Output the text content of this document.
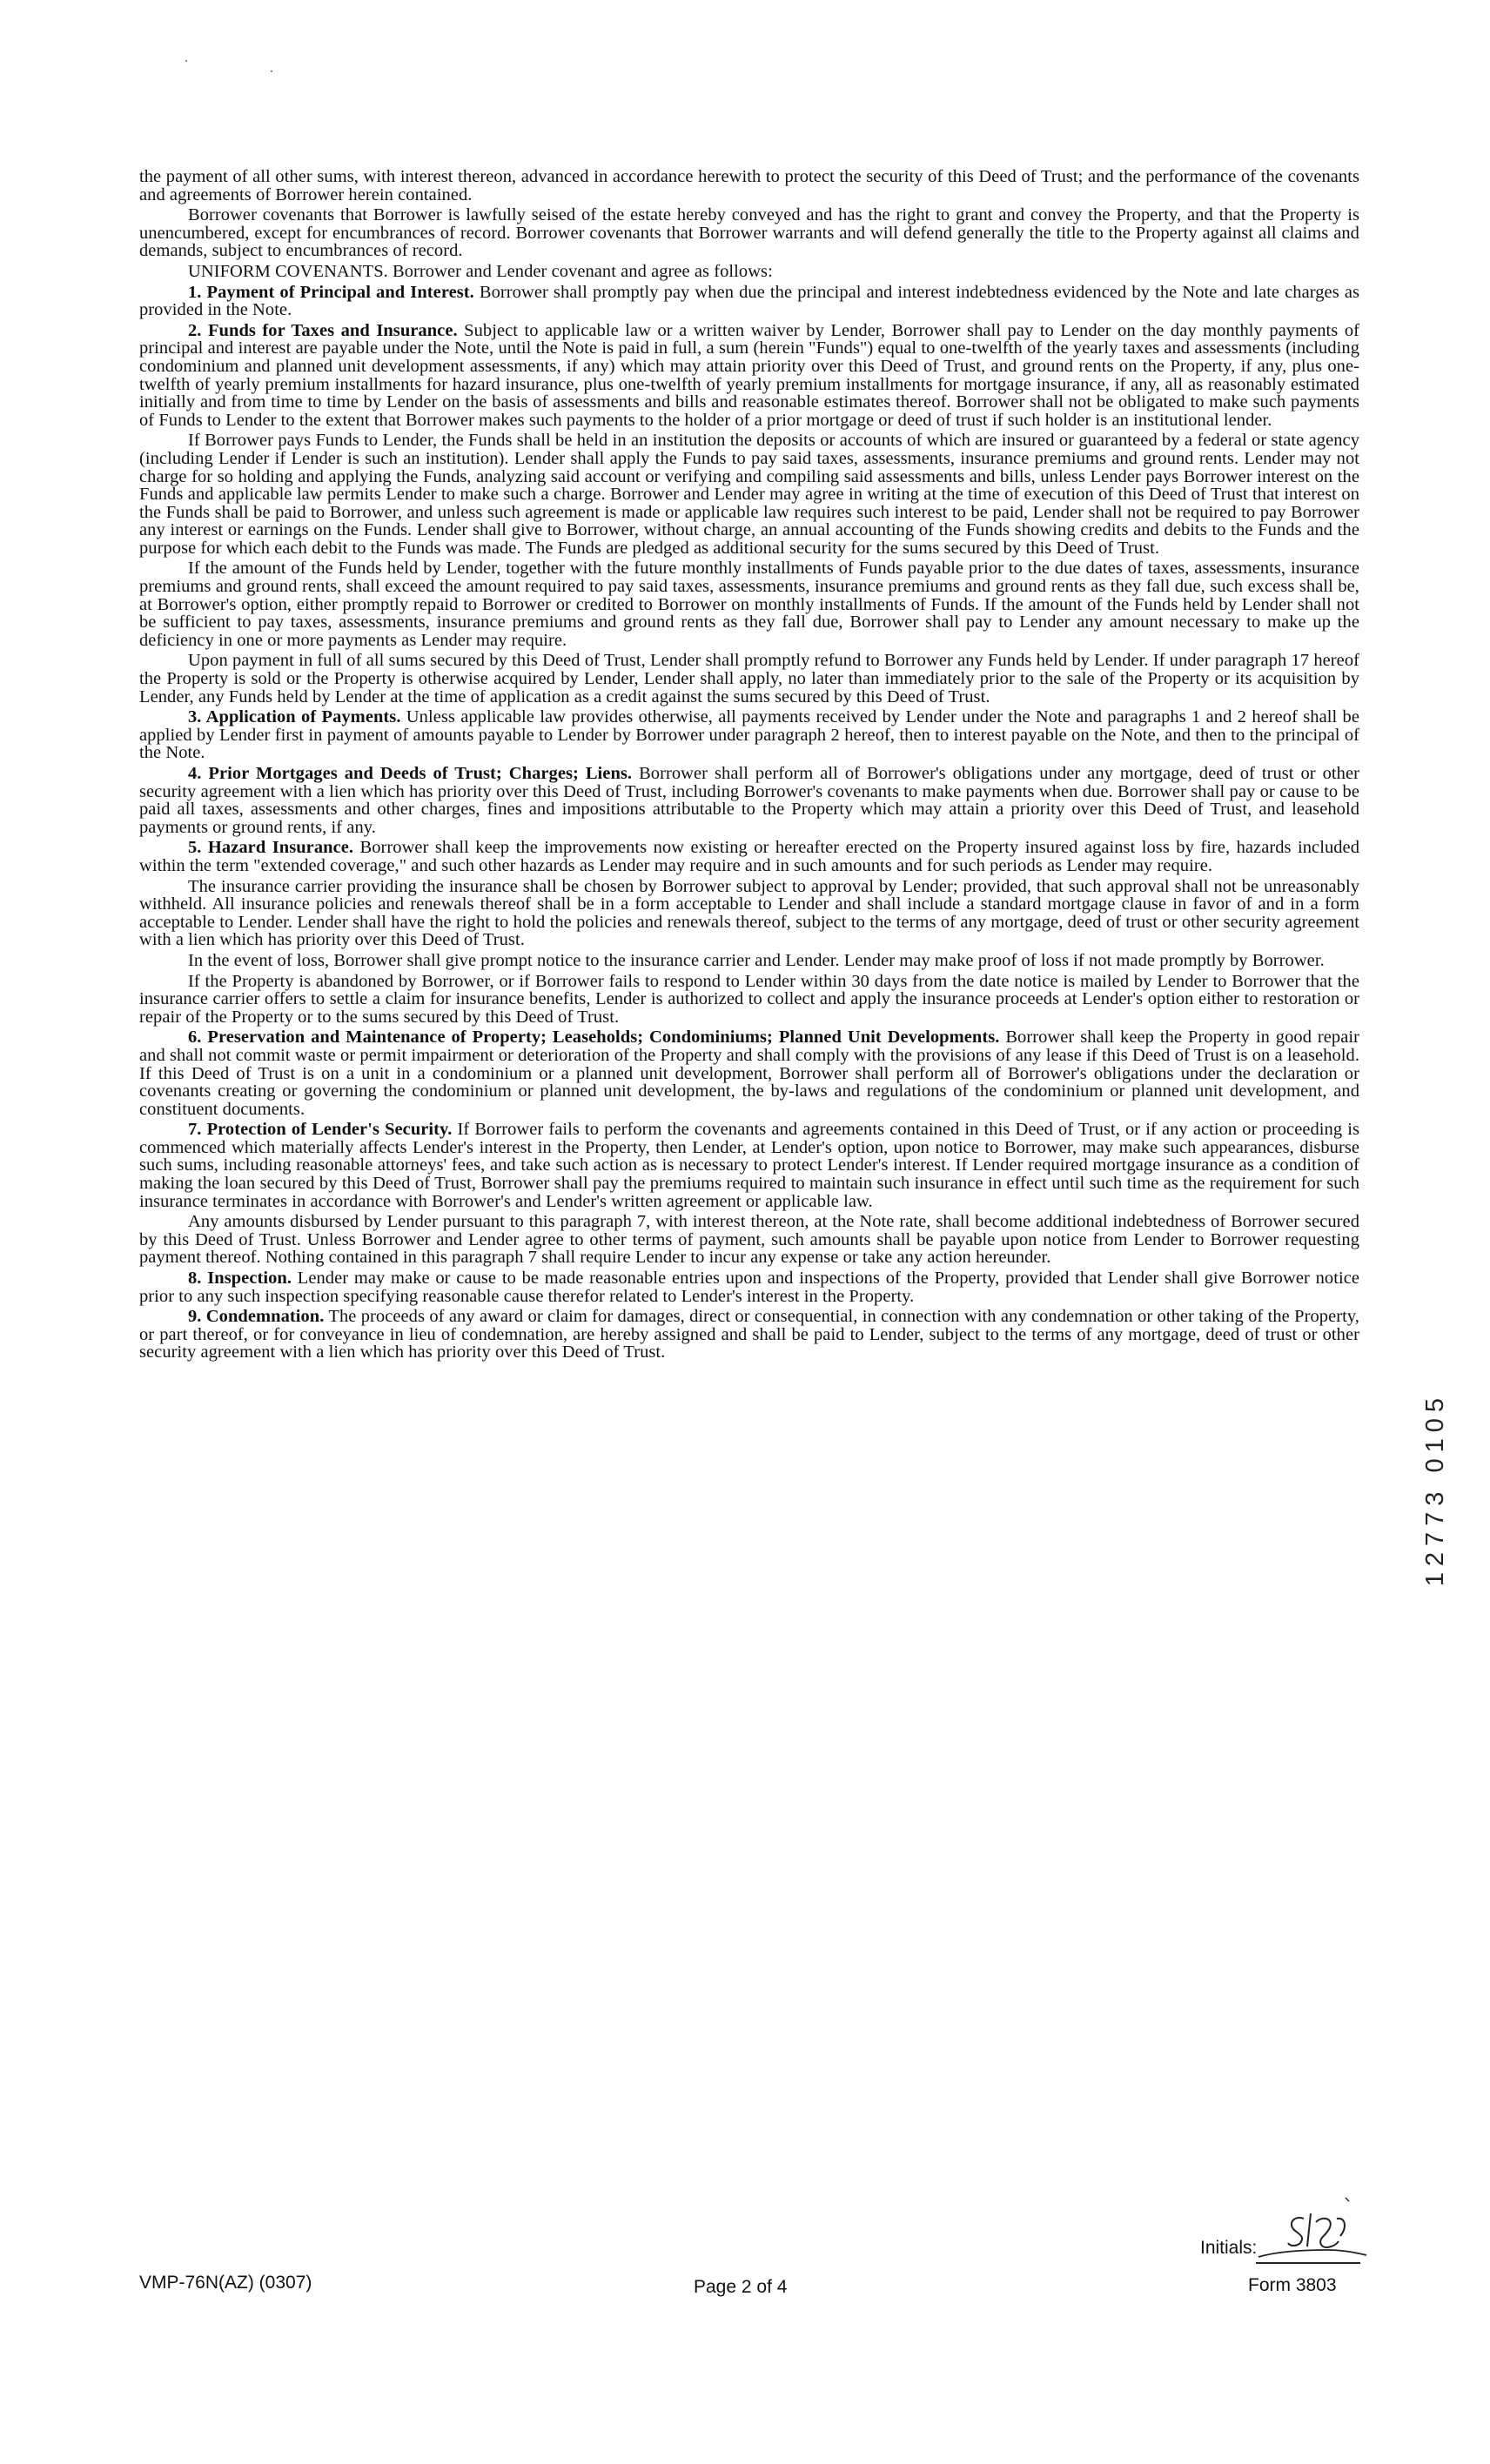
the payment of all other sums, with interest thereon, advanced in accordance herewith to protect the security of this Deed of Trust; and the performance of the covenants and agreements of Borrower herein contained.

Borrower covenants that Borrower is lawfully seised of the estate hereby conveyed and has the right to grant and convey the Property, and that the Property is unencumbered, except for encumbrances of record. Borrower covenants that Borrower warrants and will defend generally the title to the Property against all claims and demands, subject to encumbrances of record.

UNIFORM COVENANTS. Borrower and Lender covenant and agree as follows:

1. Payment of Principal and Interest. Borrower shall promptly pay when due the principal and interest indebtedness evidenced by the Note and late charges as provided in the Note.

2. Funds for Taxes and Insurance. Subject to applicable law or a written waiver by Lender, Borrower shall pay to Lender on the day monthly payments of principal and interest are payable under the Note, until the Note is paid in full, a sum (herein "Funds") equal to one-twelfth of the yearly taxes and assessments (including condominium and planned unit development assessments, if any) which may attain priority over this Deed of Trust, and ground rents on the Property, if any, plus one-twelfth of yearly premium installments for hazard insurance, plus one-twelfth of yearly premium installments for mortgage insurance, if any, all as reasonably estimated initially and from time to time by Lender on the basis of assessments and bills and reasonable estimates thereof. Borrower shall not be obligated to make such payments of Funds to Lender to the extent that Borrower makes such payments to the holder of a prior mortgage or deed of trust if such holder is an institutional lender.

If Borrower pays Funds to Lender, the Funds shall be held in an institution the deposits or accounts of which are insured or guaranteed by a federal or state agency (including Lender if Lender is such an institution). Lender shall apply the Funds to pay said taxes, assessments, insurance premiums and ground rents. Lender may not charge for so holding and applying the Funds, analyzing said account or verifying and compiling said assessments and bills, unless Lender pays Borrower interest on the Funds and applicable law permits Lender to make such a charge. Borrower and Lender may agree in writing at the time of execution of this Deed of Trust that interest on the Funds shall be paid to Borrower, and unless such agreement is made or applicable law requires such interest to be paid, Lender shall not be required to pay Borrower any interest or earnings on the Funds. Lender shall give to Borrower, without charge, an annual accounting of the Funds showing credits and debits to the Funds and the purpose for which each debit to the Funds was made. The Funds are pledged as additional security for the sums secured by this Deed of Trust.

If the amount of the Funds held by Lender, together with the future monthly installments of Funds payable prior to the due dates of taxes, assessments, insurance premiums and ground rents, shall exceed the amount required to pay said taxes, assessments, insurance premiums and ground rents as they fall due, such excess shall be, at Borrower's option, either promptly repaid to Borrower or credited to Borrower on monthly installments of Funds. If the amount of the Funds held by Lender shall not be sufficient to pay taxes, assessments, insurance premiums and ground rents as they fall due, Borrower shall pay to Lender any amount necessary to make up the deficiency in one or more payments as Lender may require.

Upon payment in full of all sums secured by this Deed of Trust, Lender shall promptly refund to Borrower any Funds held by Lender. If under paragraph 17 hereof the Property is sold or the Property is otherwise acquired by Lender, Lender shall apply, no later than immediately prior to the sale of the Property or its acquisition by Lender, any Funds held by Lender at the time of application as a credit against the sums secured by this Deed of Trust.

3. Application of Payments. Unless applicable law provides otherwise, all payments received by Lender under the Note and paragraphs 1 and 2 hereof shall be applied by Lender first in payment of amounts payable to Lender by Borrower under paragraph 2 hereof, then to interest payable on the Note, and then to the principal of the Note.

4. Prior Mortgages and Deeds of Trust; Charges; Liens. Borrower shall perform all of Borrower's obligations under any mortgage, deed of trust or other security agreement with a lien which has priority over this Deed of Trust, including Borrower's covenants to make payments when due. Borrower shall pay or cause to be paid all taxes, assessments and other charges, fines and impositions attributable to the Property which may attain a priority over this Deed of Trust, and leasehold payments or ground rents, if any.

5. Hazard Insurance. Borrower shall keep the improvements now existing or hereafter erected on the Property insured against loss by fire, hazards included within the term "extended coverage," and such other hazards as Lender may require and in such amounts and for such periods as Lender may require.

The insurance carrier providing the insurance shall be chosen by Borrower subject to approval by Lender; provided, that such approval shall not be unreasonably withheld. All insurance policies and renewals thereof shall be in a form acceptable to Lender and shall include a standard mortgage clause in favor of and in a form acceptable to Lender. Lender shall have the right to hold the policies and renewals thereof, subject to the terms of any mortgage, deed of trust or other security agreement with a lien which has priority over this Deed of Trust.

In the event of loss, Borrower shall give prompt notice to the insurance carrier and Lender. Lender may make proof of loss if not made promptly by Borrower.

If the Property is abandoned by Borrower, or if Borrower fails to respond to Lender within 30 days from the date notice is mailed by Lender to Borrower that the insurance carrier offers to settle a claim for insurance benefits, Lender is authorized to collect and apply the insurance proceeds at Lender's option either to restoration or repair of the Property or to the sums secured by this Deed of Trust.

6. Preservation and Maintenance of Property; Leaseholds; Condominiums; Planned Unit Developments. Borrower shall keep the Property in good repair and shall not commit waste or permit impairment or deterioration of the Property and shall comply with the provisions of any lease if this Deed of Trust is on a leasehold. If this Deed of Trust is on a unit in a condominium or a planned unit development, Borrower shall perform all of Borrower's obligations under the declaration or covenants creating or governing the condominium or planned unit development, the by-laws and regulations of the condominium or planned unit development, and constituent documents.

7. Protection of Lender's Security. If Borrower fails to perform the covenants and agreements contained in this Deed of Trust, or if any action or proceeding is commenced which materially affects Lender's interest in the Property, then Lender, at Lender's option, upon notice to Borrower, may make such appearances, disburse such sums, including reasonable attorneys' fees, and take such action as is necessary to protect Lender's interest. If Lender required mortgage insurance as a condition of making the loan secured by this Deed of Trust, Borrower shall pay the premiums required to maintain such insurance in effect until such time as the requirement for such insurance terminates in accordance with Borrower's and Lender's written agreement or applicable law.

Any amounts disbursed by Lender pursuant to this paragraph 7, with interest thereon, at the Note rate, shall become additional indebtedness of Borrower secured by this Deed of Trust. Unless Borrower and Lender agree to other terms of payment, such amounts shall be payable upon notice from Lender to Borrower requesting payment thereof. Nothing contained in this paragraph 7 shall require Lender to incur any expense or take any action hereunder.

8. Inspection. Lender may make or cause to be made reasonable entries upon and inspections of the Property, provided that Lender shall give Borrower notice prior to any such inspection specifying reasonable cause therefor related to Lender's interest in the Property.

9. Condemnation. The proceeds of any award or claim for damages, direct or consequential, in connection with any condemnation or other taking of the Property, or part thereof, or for conveyance in lieu of condemnation, are hereby assigned and shall be paid to Lender, subject to the terms of any mortgage, deed of trust or other security agreement with a lien which has priority over this Deed of Trust.

12773 0105
Initials:
VMP-76N(AZ) (0307)	Page 2 of 4	Form 3803
